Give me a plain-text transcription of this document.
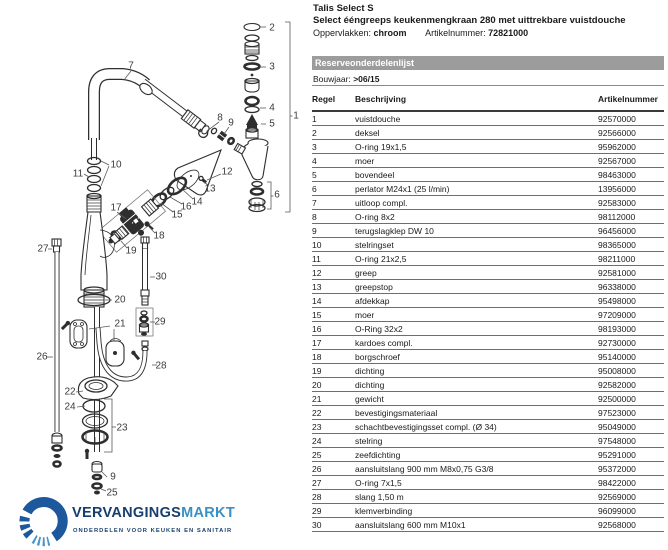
2
3
4
5
1
7
8 9
10
11	12
13
14
16
15
17
18
19
6
20
21	29
30
26
27
28
22
24
23
9
25
Talis Select S
Select ééngreeps keukenmengkraan 280 met uittrekbare vuistdouche
Oppervlakken: chroom Artikelnummer: 72821000
Reserveonderdelenlijst
Bouwjaar: >06/15
Regel	Beschrijving	Artikelnummer
1	vuistdouche	92570000
2	deksel	92566000
3	O-ring 19x1,5	95962000
4	moer	92567000
5	bovendeel	98463000
6	perlator M24x1 (25 l/min)	13956000
7	uitloop compl.	92583000
8	O-ring 8x2	98112000
9	terugslagklep DW 10	96456000
10	stelringset	98365000
11	O-ring 21x2,5	98211000
12	greep	92581000
13	greepstop	96338000
14	afdekkap	95498000
15	moer	97209000
16	O-Ring 32x2	98193000
17	kardoes compl.	92730000
18	borgschroef	95140000
19	dichting	95008000
20	dichting	92582000
21	gewicht	92500000
22	bevestigingsmateriaal	97523000
23	schachtbevestigingsset compl. (Ø 34)	95049000
24	stelring	97548000
25	zeefdichting	95291000
26	aansluitslang 900 mm M8x0,75 G3/8	95372000
27	O-ring 7x1,5	98422000
28	slang 1,50 m	92569000
29	klemverbinding	96099000
30	aansluitslang 600 mm M10x1	92568000
VERVANGINGSMARKT
ONDERDELEN VOOR KEUKEN EN SANITAIR
